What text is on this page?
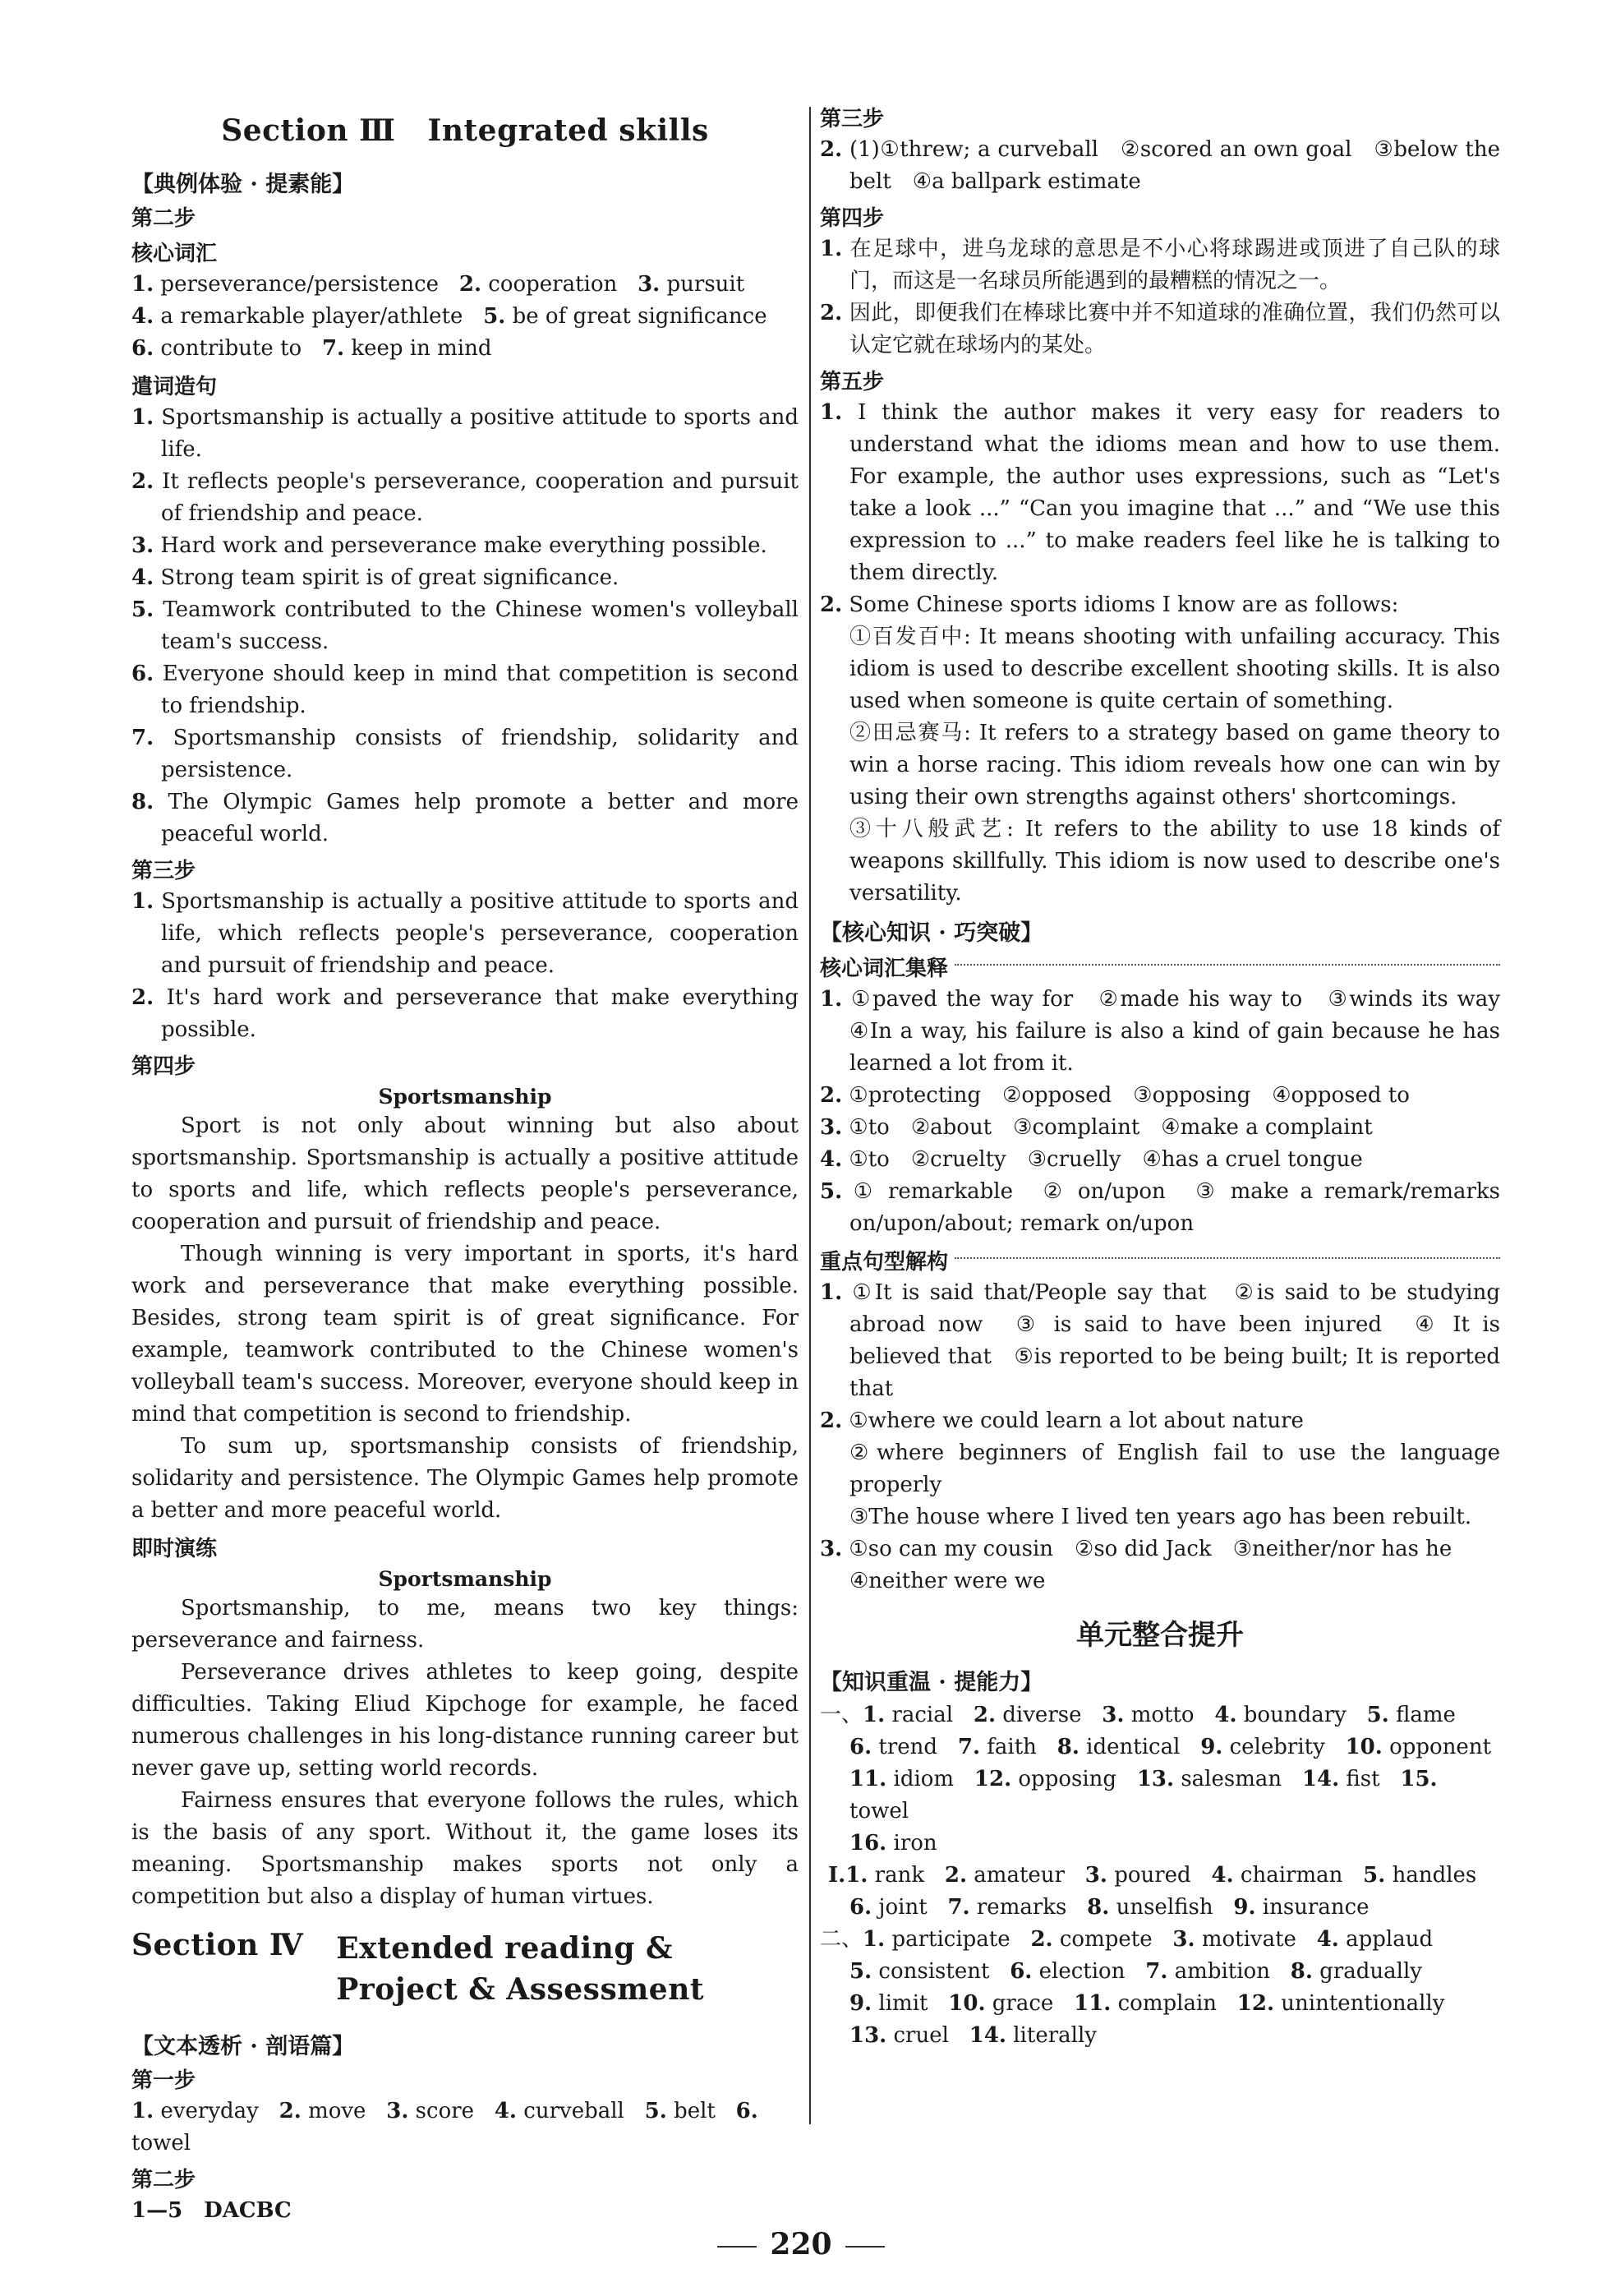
Section Ⅲ Integrated skills
【典例体验 · 提素能】
第二步
核心词汇
1. perseverance/persistence 2. cooperation 3. pursuit
4. a remarkable player/athlete 5. be of great significance
6. contribute to 7. keep in mind
遣词造句
1. Sportsmanship is actually a positive attitude to sports and life.
2. It reflects people's perseverance, cooperation and pursuit of friendship and peace.
3. Hard work and perseverance make everything possible.
4. Strong team spirit is of great significance.
5. Teamwork contributed to the Chinese women's volleyball team's success.
6. Everyone should keep in mind that competition is second to friendship.
7. Sportsmanship consists of friendship, solidarity and persistence.
8. The Olympic Games help promote a better and more peaceful world.
第三步
1. Sportsmanship is actually a positive attitude to sports and life, which reflects people's perseverance, cooperation and pursuit of friendship and peace.
2. It's hard work and perseverance that make everything possible.
第四步
Sportsmanship
Sport is not only about winning but also about sportsmanship. Sportsmanship is actually a positive attitude to sports and life, which reflects people's perseverance, cooperation and pursuit of friendship and peace.
Though winning is very important in sports, it's hard work and perseverance that make everything possible. Besides, strong team spirit is of great significance. For example, teamwork contributed to the Chinese women's volleyball team's success. Moreover, everyone should keep in mind that competition is second to friendship.
To sum up, sportsmanship consists of friendship, solidarity and persistence. The Olympic Games help promote a better and more peaceful world.
即时演练
Sportsmanship
Sportsmanship, to me, means two key things: perseverance and fairness.
Perseverance drives athletes to keep going, despite difficulties. Taking Eliud Kipchoge for example, he faced numerous challenges in his long-distance running career but never gave up, setting world records.
Fairness ensures that everyone follows the rules, which is the basis of any sport. Without it, the game loses its meaning. Sportsmanship makes sports not only a competition but also a display of human virtues.
Section Ⅳ Extended reading & Project & Assessment
【文本透析 · 剖语篇】
第一步
1. everyday 2. move 3. score 4. curveball 5. belt 6. towel
第二步
1—5　DACBC
第三步
2. (1)①threw; a curveball　②scored an own goal　③below the belt　④a ballpark estimate
第四步
1. 在足球中，进乌龙球的意思是不小心将球踢进或顶进了自己队的球门，而这是一名球员所能遇到的最糟糕的情况之一。
2. 因此，即便我们在棒球比赛中并不知道球的准确位置，我们仍然可以认定它就在球场内的某处。
第五步
1. I think the author makes it very easy for readers to understand what the idioms mean and how to use them. For example, the author uses expressions, such as “Let's take a look ...” “Can you imagine that ...” and “We use this expression to ...” to make readers feel like he is talking to them directly.
2. Some Chinese sports idioms I know are as follows:
①百发百中: It means shooting with unfailing accuracy. This idiom is used to describe excellent shooting skills. It is also used when someone is quite certain of something.
②田忌赛马: It refers to a strategy based on game theory to win a horse racing. This idiom reveals how one can win by using their own strengths against others' shortcomings.
③十八般武艺: It refers to the ability to use 18 kinds of weapons skillfully. This idiom is now used to describe one's versatility.
【核心知识 · 巧突破】
核心词汇集释
1. ①paved the way for　②made his way to　③winds its way　④In a way, his failure is also a kind of gain because he has learned a lot from it.
2. ①protecting　②opposed　③opposing　④opposed to
3. ①to　②about　③complaint　④make a complaint
4. ①to　②cruelty　③cruelly　④has a cruel tongue
5. ① remarkable　② on/upon　③ make a remark/remarks on/upon/about; remark on/upon
重点句型解构
1. ①It is said that/People say that　②is said to be studying abroad now　③ is said to have been injured　④ It is believed that　⑤is reported to be being built; It is reported that
2. ①where we could learn a lot about nature
②where beginners of English fail to use the language properly
③The house where I lived ten years ago has been rebuilt.
3. ①so can my cousin　②so did Jack　③neither/nor has he
④neither were we
单元整合提升
【知识重温 · 提能力】
一、1. racial 2. diverse 3. motto 4. boundary 5. flame
6. trend 7. faith 8. identical 9. celebrity 10. opponent
11. idiom 12. opposing 13. salesman 14. fist 15. towel
16. iron
Ⅰ.1. rank 2. amateur 3. poured 4. chairman 5. handles
6. joint 7. remarks 8. unselfish 9. insurance
二、1. participate 2. compete 3. motivate 4. applaud
5. consistent 6. election 7. ambition 8. gradually
9. limit 10. grace 11. complain 12. unintentionally
13. cruel 14. literally
220
